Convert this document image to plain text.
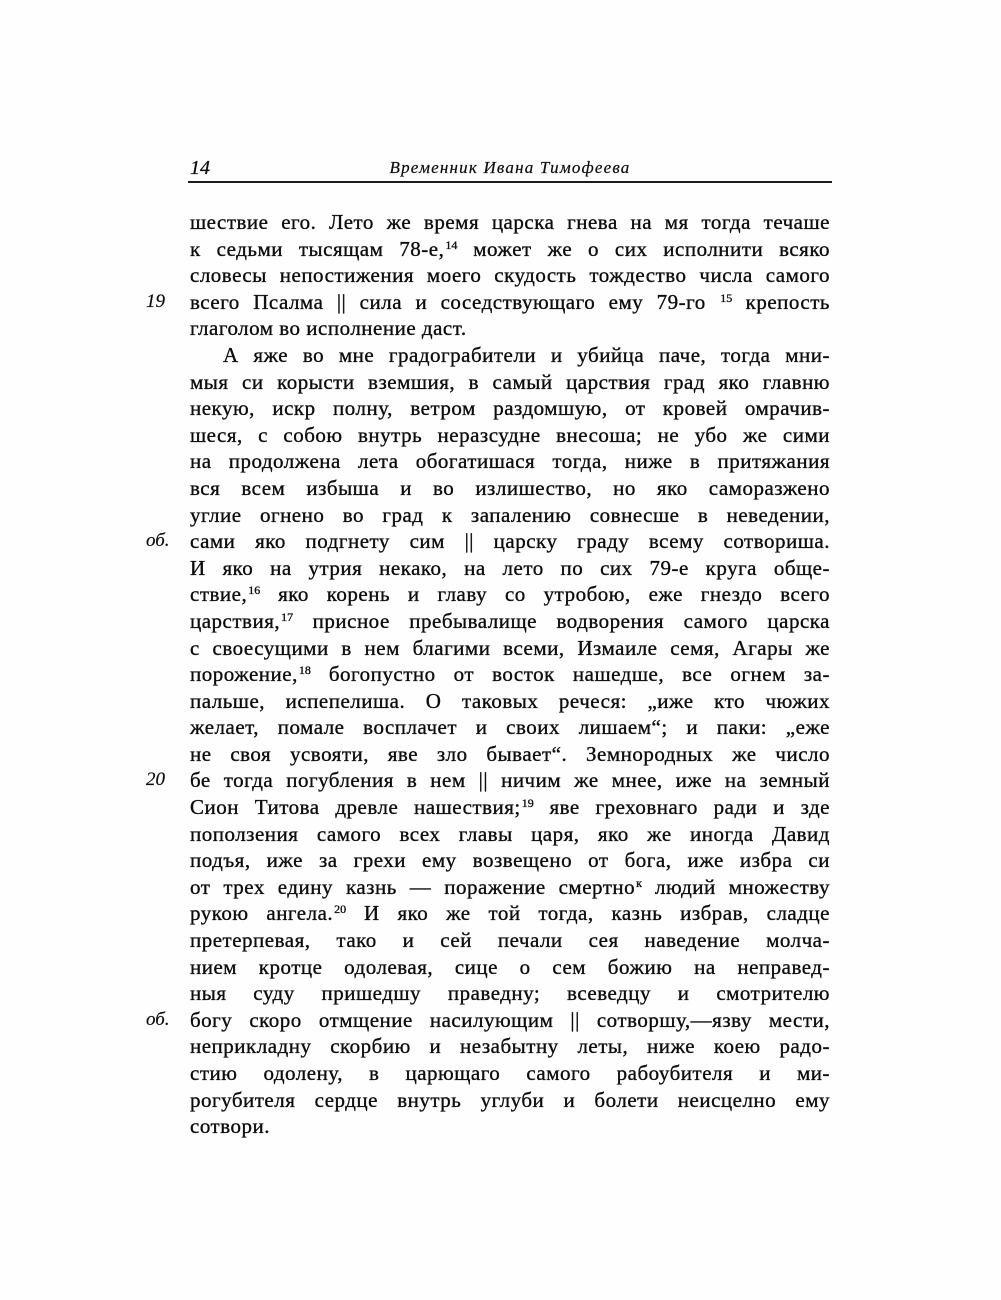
14	Временник Ивана Тимофеева
шествие его. Лето же время царска гнева на мя тогда течаше
к седьми тысящам 78-е,$^{14}$ может же о сих исполнити всяко
словесы непостижения моего скудость тождество числа самого
19	всего Псалма || сила и соседствующаго ему 79-го $^{15}$ крепость
глаголом во исполнение даст.
А яже во мне градограбители и убийца паче, тогда мни-
мыя си корысти вземшия, в самый царствия град яко главню
некую, искр полну, ветром раздомшую, от кровей омрачив-
шеся, с собою внутрь неразсудне внесоша; не убо же сими
на продолжена лета обогатишася тогда, ниже в притяжания
вся всем избыша и во излишество, но яко саморазжено
углие огнено во град к запалению совнесше в неведении,
об. сами яко подгнету сим || царску граду всему сотвориша.
И яко на утрия некако, на лето по сих 79-е круга обще-
ствие,$^{16}$ яко корень и главу со утробою, еже гнездо всего
царствия,$^{17}$ присное пребывалище водворения самого царска
с своесущими в нем благими всеми, Измаиле семя, Агары же
порожение,$^{18}$ богопустно от восток нашедше, все огнем за-
пальше, испепелиша. О таковых речеся: „иже кто чюжих
желает, помале восплачет и своих лишаем“; и паки: „еже
не своя усвояти, яве зло бывает“. Земнородных же число
20	бе тогда погубления в нем || ничим же мнее, иже на земный
Сион Титова древле нашествия;$^{19}$ яве греховнаго ради и зде
поползения самого всех главы царя, яко же иногда Давид
подъя, иже за грехи ему возвещено от бога, иже избра си
от трех едину казнь — поражение смертно$^к$ людий множеству
рукою ангела.$^{20}$ И яко же той тогда, казнь избрав, сладце
претерпевая, тако и сей печали сея наведение молча-
нием кротце одолевая, сице о сем божию на неправед-
ныя суду пришедшу праведну; всеведцу и смотрителю
об. богу скоро отмщение насилующим || сотворшу,—язву мести,
неприкладну скорбию и незабытну леты, ниже коею радо-
стию одолену, в царющаго самого рабоубителя и ми-
рогубителя сердце внутрь углуби и болети неисцелно ему
сотвори.
